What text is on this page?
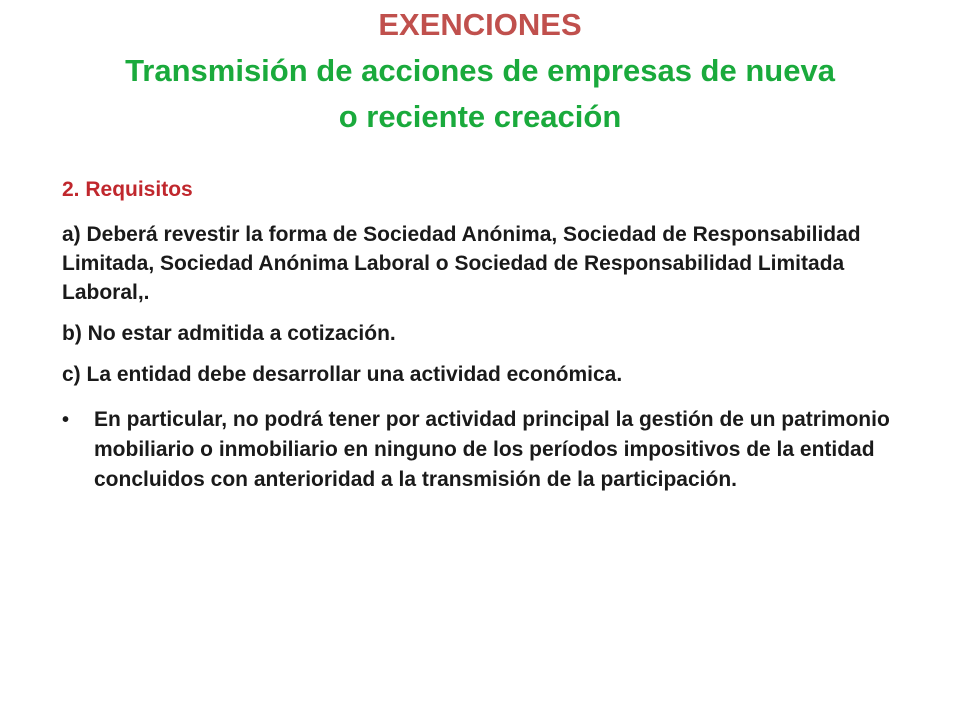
EXENCIONES
Transmisión de acciones de empresas de nueva
o reciente creación

2. Requisitos

a) Deberá revestir la forma de Sociedad Anónima, Sociedad de Responsabilidad Limitada, Sociedad Anónima Laboral o Sociedad de Responsabilidad Limitada Laboral,.

b) No estar admitida a cotización.

c) La entidad debe desarrollar una actividad económica.

•	En particular, no podrá tener por actividad principal la gestión de un patrimonio mobiliario o inmobiliario en ninguno de los períodos impositivos de la entidad concluidos con anterioridad a la transmisión de la participación.
